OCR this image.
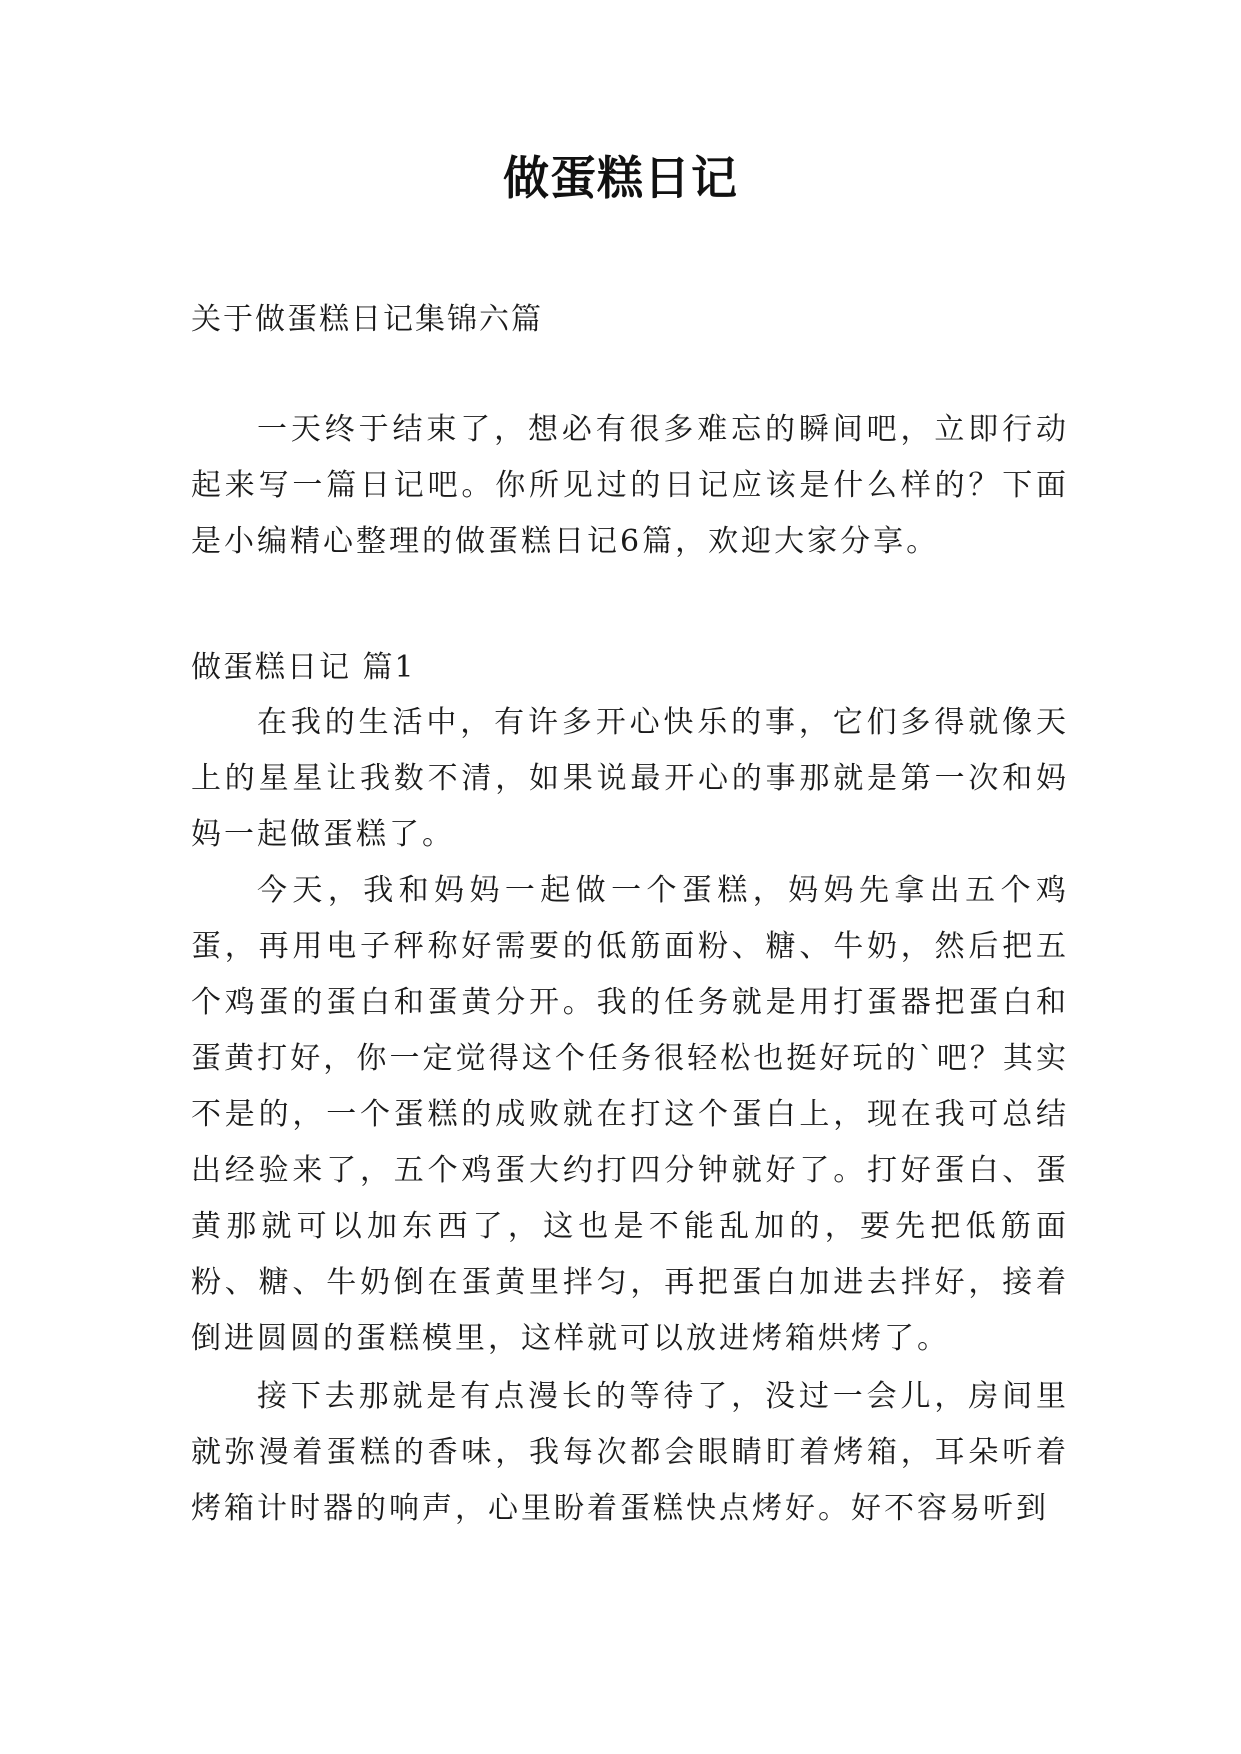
做蛋糕日记

关于做蛋糕日记集锦六篇

一天终于结束了，想必有很多难忘的瞬间吧，立即行动起来写一篇日记吧。你所见过的日记应该是什么样的？下面是小编精心整理的做蛋糕日记6篇，欢迎大家分享。

做蛋糕日记 篇1

在我的生活中，有许多开心快乐的事，它们多得就像天上的星星让我数不清，如果说最开心的事那就是第一次和妈妈一起做蛋糕了。

今天，我和妈妈一起做一个蛋糕，妈妈先拿出五个鸡蛋，再用电子秤称好需要的低筋面粉、糖、牛奶，然后把五个鸡蛋的蛋白和蛋黄分开。我的任务就是用打蛋器把蛋白和蛋黄打好，你一定觉得这个任务很轻松也挺好玩的`吧？其实不是的，一个蛋糕的成败就在打这个蛋白上，现在我可总结出经验来了，五个鸡蛋大约打四分钟就好了。打好蛋白、蛋黄那就可以加东西了，这也是不能乱加的，要先把低筋面粉、糖、牛奶倒在蛋黄里拌匀，再把蛋白加进去拌好，接着倒进圆圆的蛋糕模里，这样就可以放进烤箱烘烤了。

接下去那就是有点漫长的等待了，没过一会儿，房间里就弥漫着蛋糕的香味，我每次都会眼睛盯着烤箱，耳朵听着烤箱计时器的响声，心里盼着蛋糕快点烤好。好不容易听到
